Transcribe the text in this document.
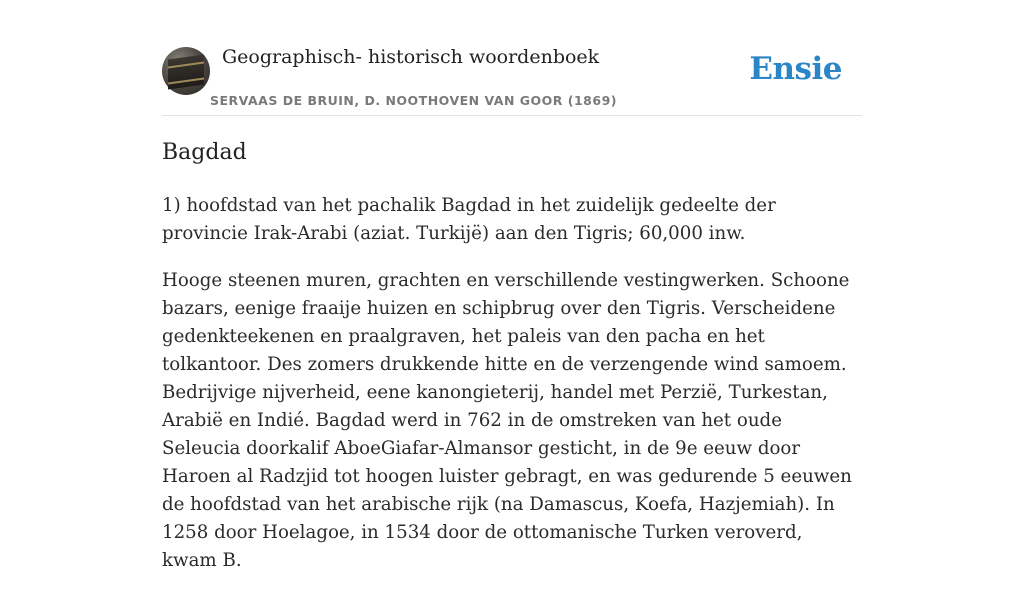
Geographisch- historisch woordenboek
SERVAAS DE BRUIN, D. NOOTHOVEN VAN GOOR (1869)
Ensie
Bagdad

1) hoofdstad van het pachalik Bagdad in het zuidelijk gedeelte der provincie Irak-Arabi (aziat. Turkijë) aan den Tigris; 60,000 inw.

Hooge steenen muren, grachten en verschillende vestingwerken. Schoone bazars, eenige fraaije huizen en schipbrug over den Tigris. Verscheidene gedenkteekenen en praalgraven, het paleis van den pacha en het tolkantoor. Des zomers drukkende hitte en de verzengende wind samoem. Bedrijvige nijverheid, eene kanongieterij, handel met Perzië, Turkestan, Arabië en Indié. Bagdad werd in 762 in de omstreken van het oude Seleucia doorkalif AboeGiafar-Almansor gesticht, in de 9e eeuw door Haroen al Radzjid tot hoogen luister gebragt, en was gedurende 5 eeuwen de hoofdstad van het arabische rijk (na Damascus, Koefa, Hazjemiah). In 1258 door Hoelagoe, in 1534 door de ottomanische Turken veroverd, kwam B.
